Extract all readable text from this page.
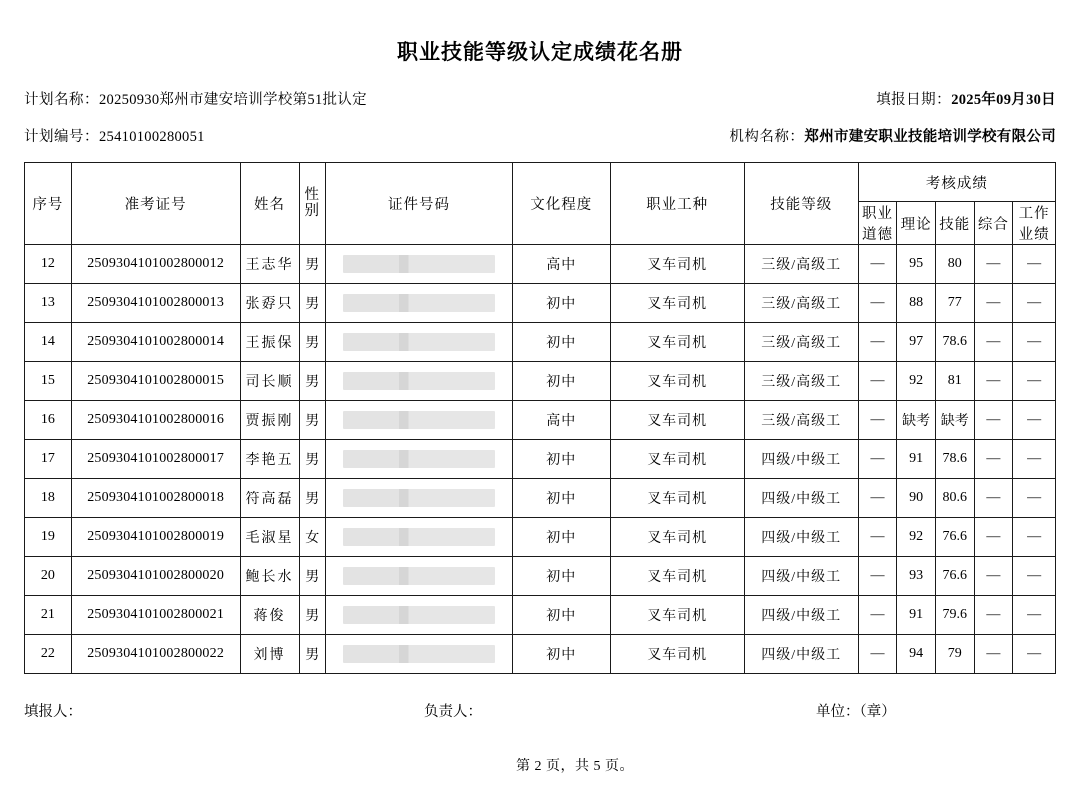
职业技能等级认定成绩花名册
计划名称：20250930郑州市建安培训学校第51批认定	填报日期：2025年09月30日
计划编号：25410100280051	机构名称：郑州市建安职业技能培训学校有限公司
序号	准考证号	姓名	性别	证件号码	文化程度	职业工种	技能等级	考核成绩				
								职业道德	理论	技能	综合	工作业绩
12	2509304101002800012	王志华	男		高中	叉车司机	三级/高级工	—	95	80	—	—
13	2509304101002800013	张孬只	男		初中	叉车司机	三级/高级工	—	88	77	—	—
14	2509304101002800014	王振保	男		初中	叉车司机	三级/高级工	—	97	78.6	—	—
15	2509304101002800015	司长顺	男		初中	叉车司机	三级/高级工	—	92	81	—	—
16	2509304101002800016	贾振刚	男		高中	叉车司机	三级/高级工	—	缺考	缺考	—	—
17	2509304101002800017	李艳五	男		初中	叉车司机	四级/中级工	—	91	78.6	—	—
18	2509304101002800018	符高磊	男		初中	叉车司机	四级/中级工	—	90	80.6	—	—
19	2509304101002800019	毛淑星	女		初中	叉车司机	四级/中级工	—	92	76.6	—	—
20	2509304101002800020	鲍长水	男		初中	叉车司机	四级/中级工	—	93	76.6	—	—
21	2509304101002800021	蒋俊	男		初中	叉车司机	四级/中级工	—	91	79.6	—	—
22	2509304101002800022	刘博	男		初中	叉车司机	四级/中级工	—	94	79	—	—
填报人：	负责人：	单位：（章）
第 2 页，共 5 页。
